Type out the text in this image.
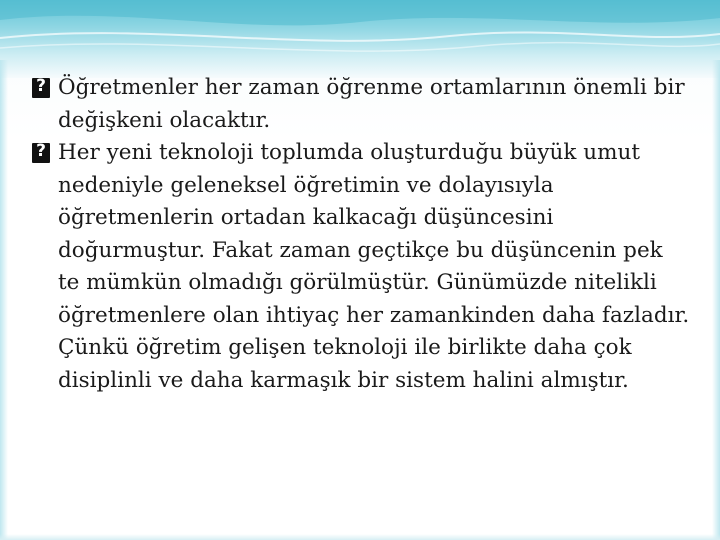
?
Öğretmenler her zaman öğrenme ortamlarının önemli bir değişkeni olacaktır.

?
Her yeni teknoloji toplumda oluşturduğu büyük umut nedeniyle geleneksel öğretimin ve dolayısıyla öğretmenlerin ortadan kalkacağı düşüncesini doğurmuştur. Fakat zaman geçtikçe bu düşüncenin pek te mümkün olmadığı görülmüştür. Günümüzde nitelikli öğretmenlere olan ihtiyaç her zamankinden daha fazladır. Çünkü öğretim gelişen teknoloji ile birlikte daha çok disiplinli ve daha karmaşık bir sistem halini almıştır.
